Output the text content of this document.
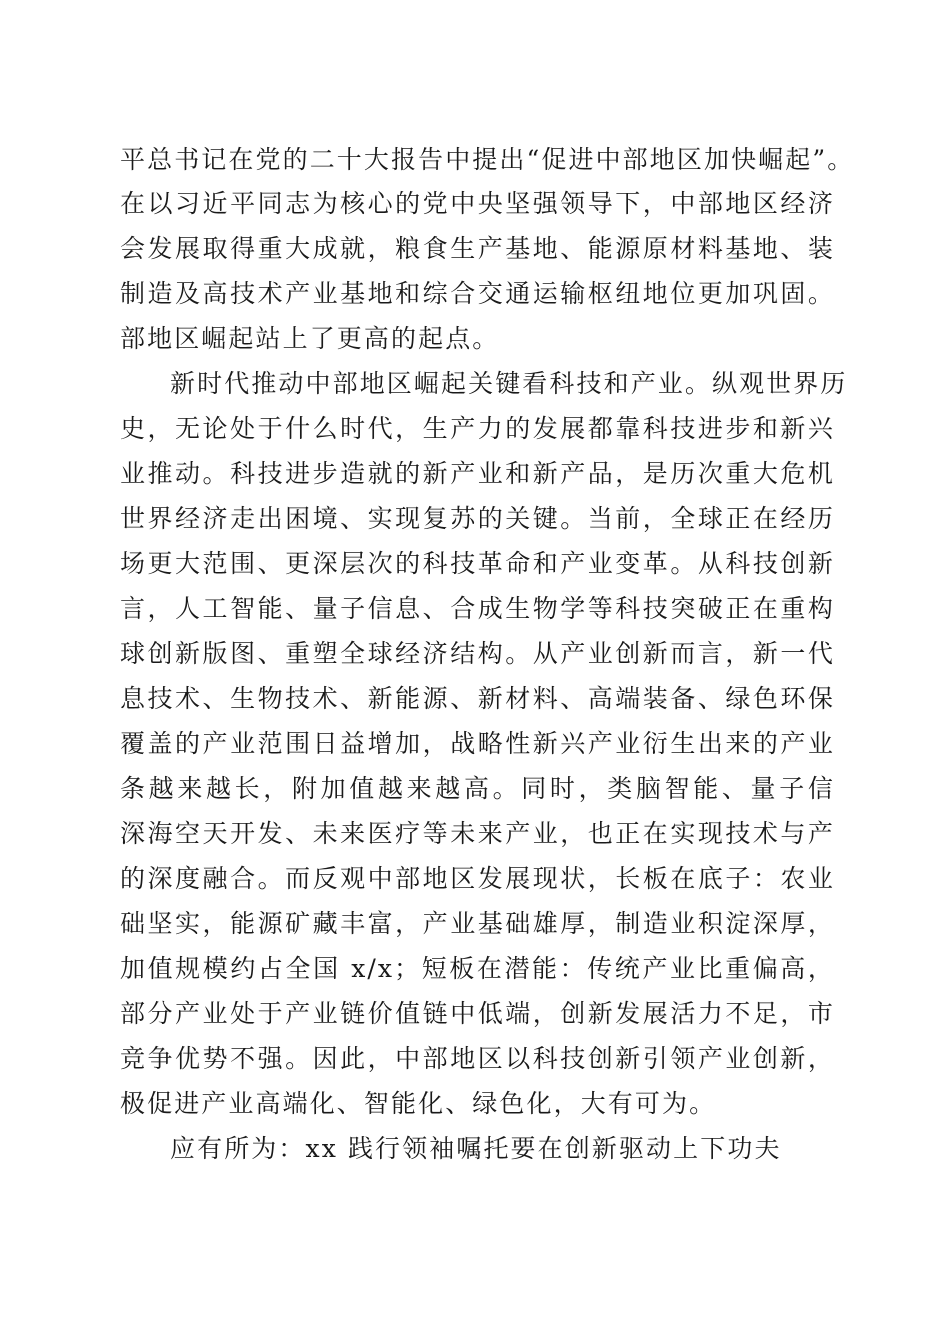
平总书记在党的二十大报告中提出“促进中部地区加快崛起”。
在以习近平同志为核心的党中央坚强领导下，中部地区经济
会发展取得重大成就，粮食生产基地、能源原材料基地、装
制造及高技术产业基地和综合交通运输枢纽地位更加巩固。
部地区崛起站上了更高的起点。
新时代推动中部地区崛起关键看科技和产业。纵观世界历
史，无论处于什么时代，生产力的发展都靠科技进步和新兴
业推动。科技进步造就的新产业和新产品，是历次重大危机
世界经济走出困境、实现复苏的关键。当前，全球正在经历
场更大范围、更深层次的科技革命和产业变革。从科技创新
言，人工智能、量子信息、合成生物学等科技突破正在重构
球创新版图、重塑全球经济结构。从产业创新而言，新一代
息技术、生物技术、新能源、新材料、高端装备、绿色环保
覆盖的产业范围日益增加，战略性新兴产业衍生出来的产业
条越来越长，附加值越来越高。同时，类脑智能、量子信
深海空天开发、未来医疗等未来产业，也正在实现技术与产
的深度融合。而反观中部地区发展现状，长板在底子：农业
础坚实，能源矿藏丰富，产业基础雄厚，制造业积淀深厚，
加值规模约占全国 x/x；短板在潜能：传统产业比重偏高，
部分产业处于产业链价值链中低端，创新发展活力不足，市
竞争优势不强。因此，中部地区以科技创新引领产业创新，
极促进产业高端化、智能化、绿色化，大有可为。
应有所为：xx 践行领袖嘱托要在创新驱动上下功夫
